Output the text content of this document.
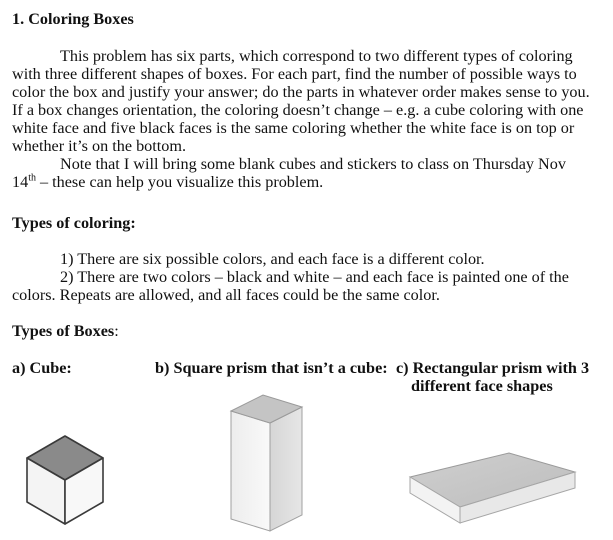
1. Coloring Boxes
This problem has six parts, which correspond to two different types of coloring
with three different shapes of boxes. For each part, find the number of possible ways to
color the box and justify your answer; do the parts in whatever order makes sense to you.
If a box changes orientation, the coloring doesn’t change – e.g. a cube coloring with one
white face and five black faces is the same coloring whether the white face is on top or
whether it’s on the bottom.
Note that I will bring some blank cubes and stickers to class on Thursday Nov
14th – these can help you visualize this problem.
Types of coloring:
1) There are six possible colors, and each face is a different color.
2) There are two colors – black and white – and each face is painted one of the
colors. Repeats are allowed, and all faces could be the same color.
Types of Boxes:
a) Cube:	b) Square prism that isn’t a cube: c) Rectangular prism with 3
different face shapes
